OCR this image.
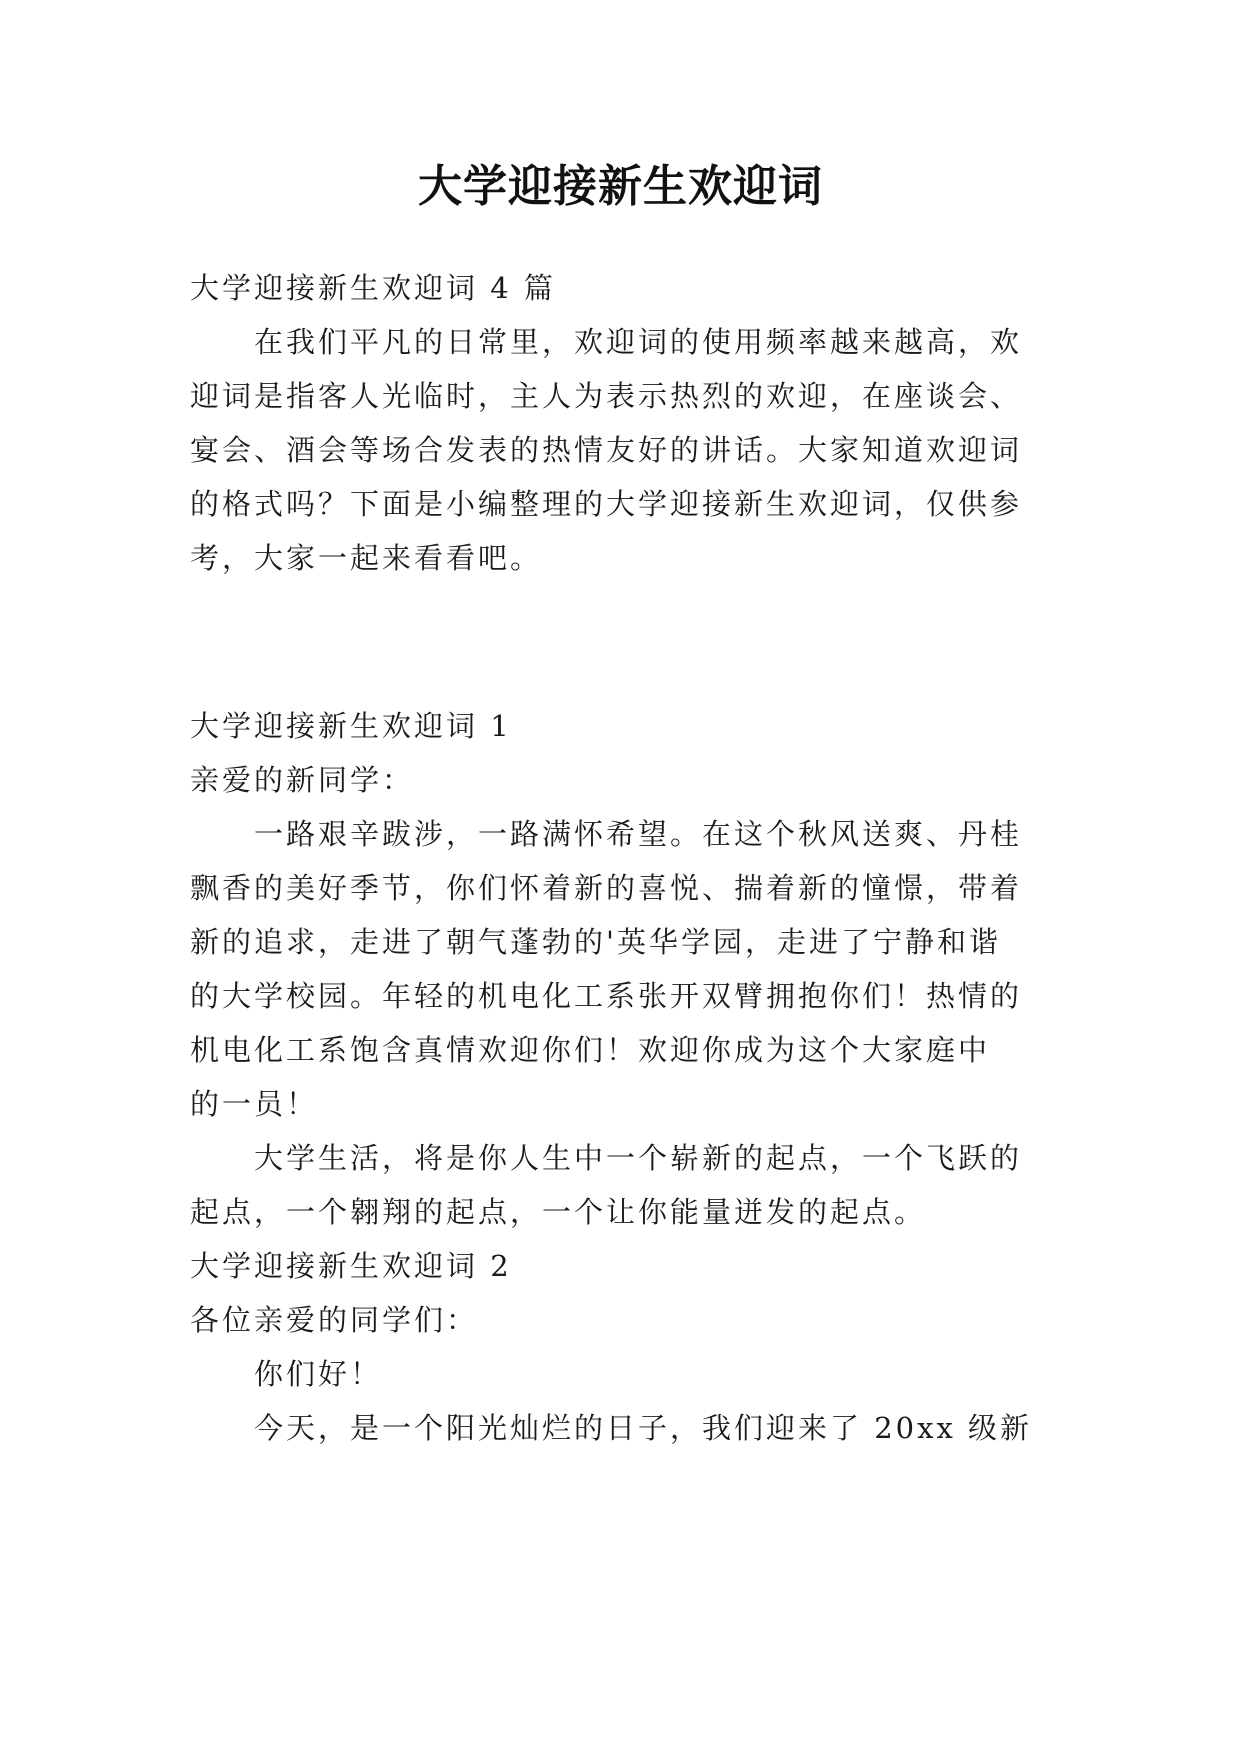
大学迎接新生欢迎词
大学迎接新生欢迎词 4 篇
在我们平凡的日常里，欢迎词的使用频率越来越高，欢
迎词是指客人光临时，主人为表示热烈的欢迎，在座谈会、
宴会、酒会等场合发表的热情友好的讲话。大家知道欢迎词
的格式吗？下面是小编整理的大学迎接新生欢迎词，仅供参
考，大家一起来看看吧。
大学迎接新生欢迎词 1
亲爱的新同学：
一路艰辛跋涉，一路满怀希望。在这个秋风送爽、丹桂
飘香的美好季节，你们怀着新的喜悦、揣着新的憧憬，带着
新的追求，走进了朝气蓬勃的'英华学园，走进了宁静和谐
的大学校园。年轻的机电化工系张开双臂拥抱你们！热情的
机电化工系饱含真情欢迎你们！欢迎你成为这个大家庭中
的一员！
大学生活，将是你人生中一个崭新的起点，一个飞跃的
起点，一个翱翔的起点，一个让你能量迸发的起点。
大学迎接新生欢迎词 2
各位亲爱的同学们：
你们好！
今天，是一个阳光灿烂的日子，我们迎来了 20xx 级新
